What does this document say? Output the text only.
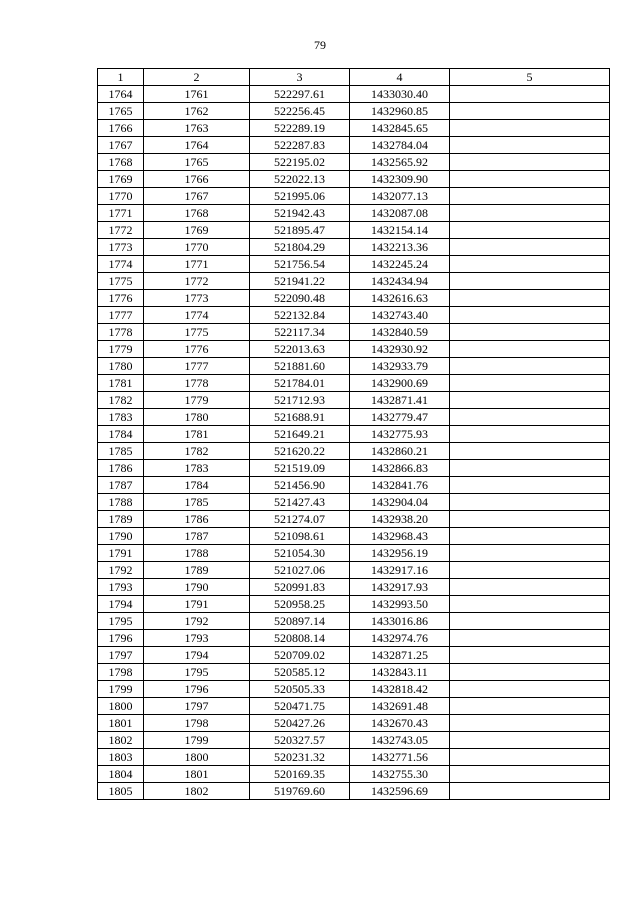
79
1	2	3	4	5
1764	1761	522297.61	1433030.40	
1765	1762	522256.45	1432960.85	
1766	1763	522289.19	1432845.65	
1767	1764	522287.83	1432784.04	
1768	1765	522195.02	1432565.92	
1769	1766	522022.13	1432309.90	
1770	1767	521995.06	1432077.13	
1771	1768	521942.43	1432087.08	
1772	1769	521895.47	1432154.14	
1773	1770	521804.29	1432213.36	
1774	1771	521756.54	1432245.24	
1775	1772	521941.22	1432434.94	
1776	1773	522090.48	1432616.63	
1777	1774	522132.84	1432743.40	
1778	1775	522117.34	1432840.59	
1779	1776	522013.63	1432930.92	
1780	1777	521881.60	1432933.79	
1781	1778	521784.01	1432900.69	
1782	1779	521712.93	1432871.41	
1783	1780	521688.91	1432779.47	
1784	1781	521649.21	1432775.93	
1785	1782	521620.22	1432860.21	
1786	1783	521519.09	1432866.83	
1787	1784	521456.90	1432841.76	
1788	1785	521427.43	1432904.04	
1789	1786	521274.07	1432938.20	
1790	1787	521098.61	1432968.43	
1791	1788	521054.30	1432956.19	
1792	1789	521027.06	1432917.16	
1793	1790	520991.83	1432917.93	
1794	1791	520958.25	1432993.50	
1795	1792	520897.14	1433016.86	
1796	1793	520808.14	1432974.76	
1797	1794	520709.02	1432871.25	
1798	1795	520585.12	1432843.11	
1799	1796	520505.33	1432818.42	
1800	1797	520471.75	1432691.48	
1801	1798	520427.26	1432670.43	
1802	1799	520327.57	1432743.05	
1803	1800	520231.32	1432771.56	
1804	1801	520169.35	1432755.30	
1805	1802	519769.60	1432596.69	
